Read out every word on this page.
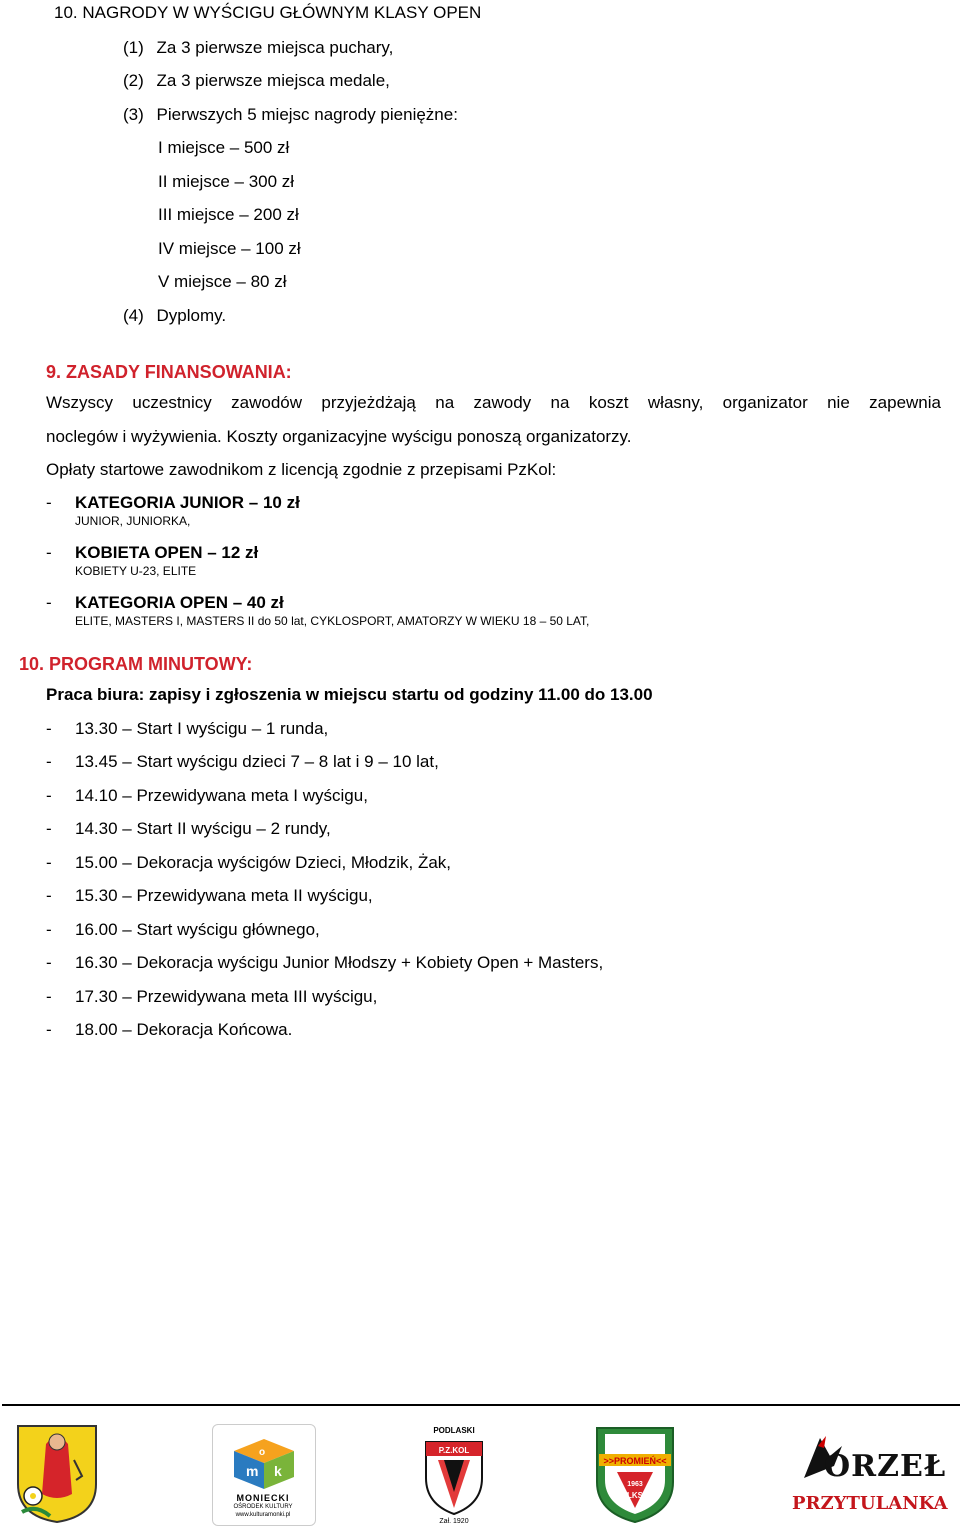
10. NAGRODY W WYŚCIGU GŁÓWNYM KLASY OPEN
(1) Za 3 pierwsze miejsca puchary,
(2) Za 3 pierwsze miejsca medale,
(3) Pierwszych 5 miejsc nagrody pieniężne:
I miejsce – 500 zł
II miejsce – 300 zł
III miejsce – 200 zł
IV miejsce – 100 zł
V miejsce – 80 zł
(4) Dyplomy.
9. ZASADY FINANSOWANIA:
Wszyscy uczestnicy zawodów przyjeżdżają na zawody na koszt własny, organizator nie zapewnia
noclegów i wyżywienia. Koszty organizacyjne wyścigu ponoszą organizatorzy.
Opłaty startowe zawodnikom z licencją zgodnie z przepisami PzKol:
- KATEGORIA JUNIOR – 10 zł
JUNIOR, JUNIORKA,
- KOBIETA OPEN – 12 zł
KOBIETY U-23, ELITE
- KATEGORIA OPEN – 40 zł
ELITE, MASTERS I, MASTERS II do 50 lat, CYKLOSPORT, AMATORZY W WIEKU 18 – 50 LAT,
10. PROGRAM MINUTOWY:
Praca biura: zapisy i zgłoszenia w miejscu startu od godziny 11.00 do 13.00
- 13.30 – Start I wyścigu – 1 runda,
- 13.45 – Start wyścigu dzieci 7 – 8 lat i 9 – 10 lat,
- 14.10 – Przewidywana meta I wyścigu,
- 14.30 – Start II wyścigu – 2 rundy,
- 15.00 – Dekoracja wyścigów Dzieci, Młodzik, Żak,
- 15.30 – Przewidywana meta II wyścigu,
- 16.00 – Start wyścigu głównego,
- 16.30 – Dekoracja wyścigu Junior Młodszy + Kobiety Open + Masters,
- 17.30 – Przewidywana meta III wyścigu,
- 18.00 – Dekoracja Końcowa.
m k
o
MONIECKI
OŚRODEK KULTURY
www.kulturamonki.pl
PODLASKI
P.Z.KOL
Zał. 1920
>>PROMIEŃ<<
1963
LKS
ORZEŁ
PRZYTULANKA
